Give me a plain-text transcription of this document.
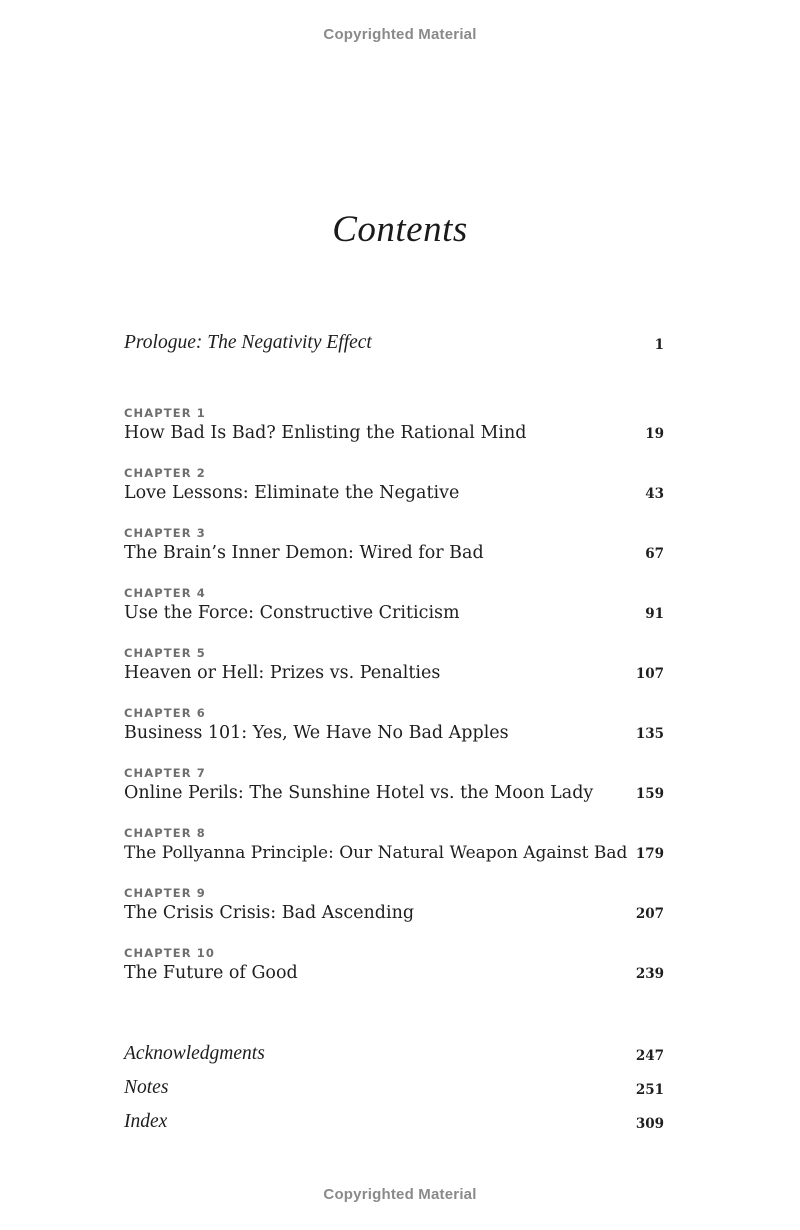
Copyrighted Material
Contents
Prologue: The Negativity Effect	1
CHAPTER 1
How Bad Is Bad? Enlisting the Rational Mind	19
CHAPTER 2
Love Lessons: Eliminate the Negative	43
CHAPTER 3
The Brain’s Inner Demon: Wired for Bad	67
CHAPTER 4
Use the Force: Constructive Criticism	91
CHAPTER 5
Heaven or Hell: Prizes vs. Penalties	107
CHAPTER 6
Business 101: Yes, We Have No Bad Apples	135
CHAPTER 7
Online Perils: The Sunshine Hotel vs. the Moon Lady	159
CHAPTER 8
The Pollyanna Principle: Our Natural Weapon Against Bad 179
CHAPTER 9
The Crisis Crisis: Bad Ascending	207
CHAPTER 10
The Future of Good	239
Acknowledgments	247
Notes	251
Index	309
Copyrighted Material
